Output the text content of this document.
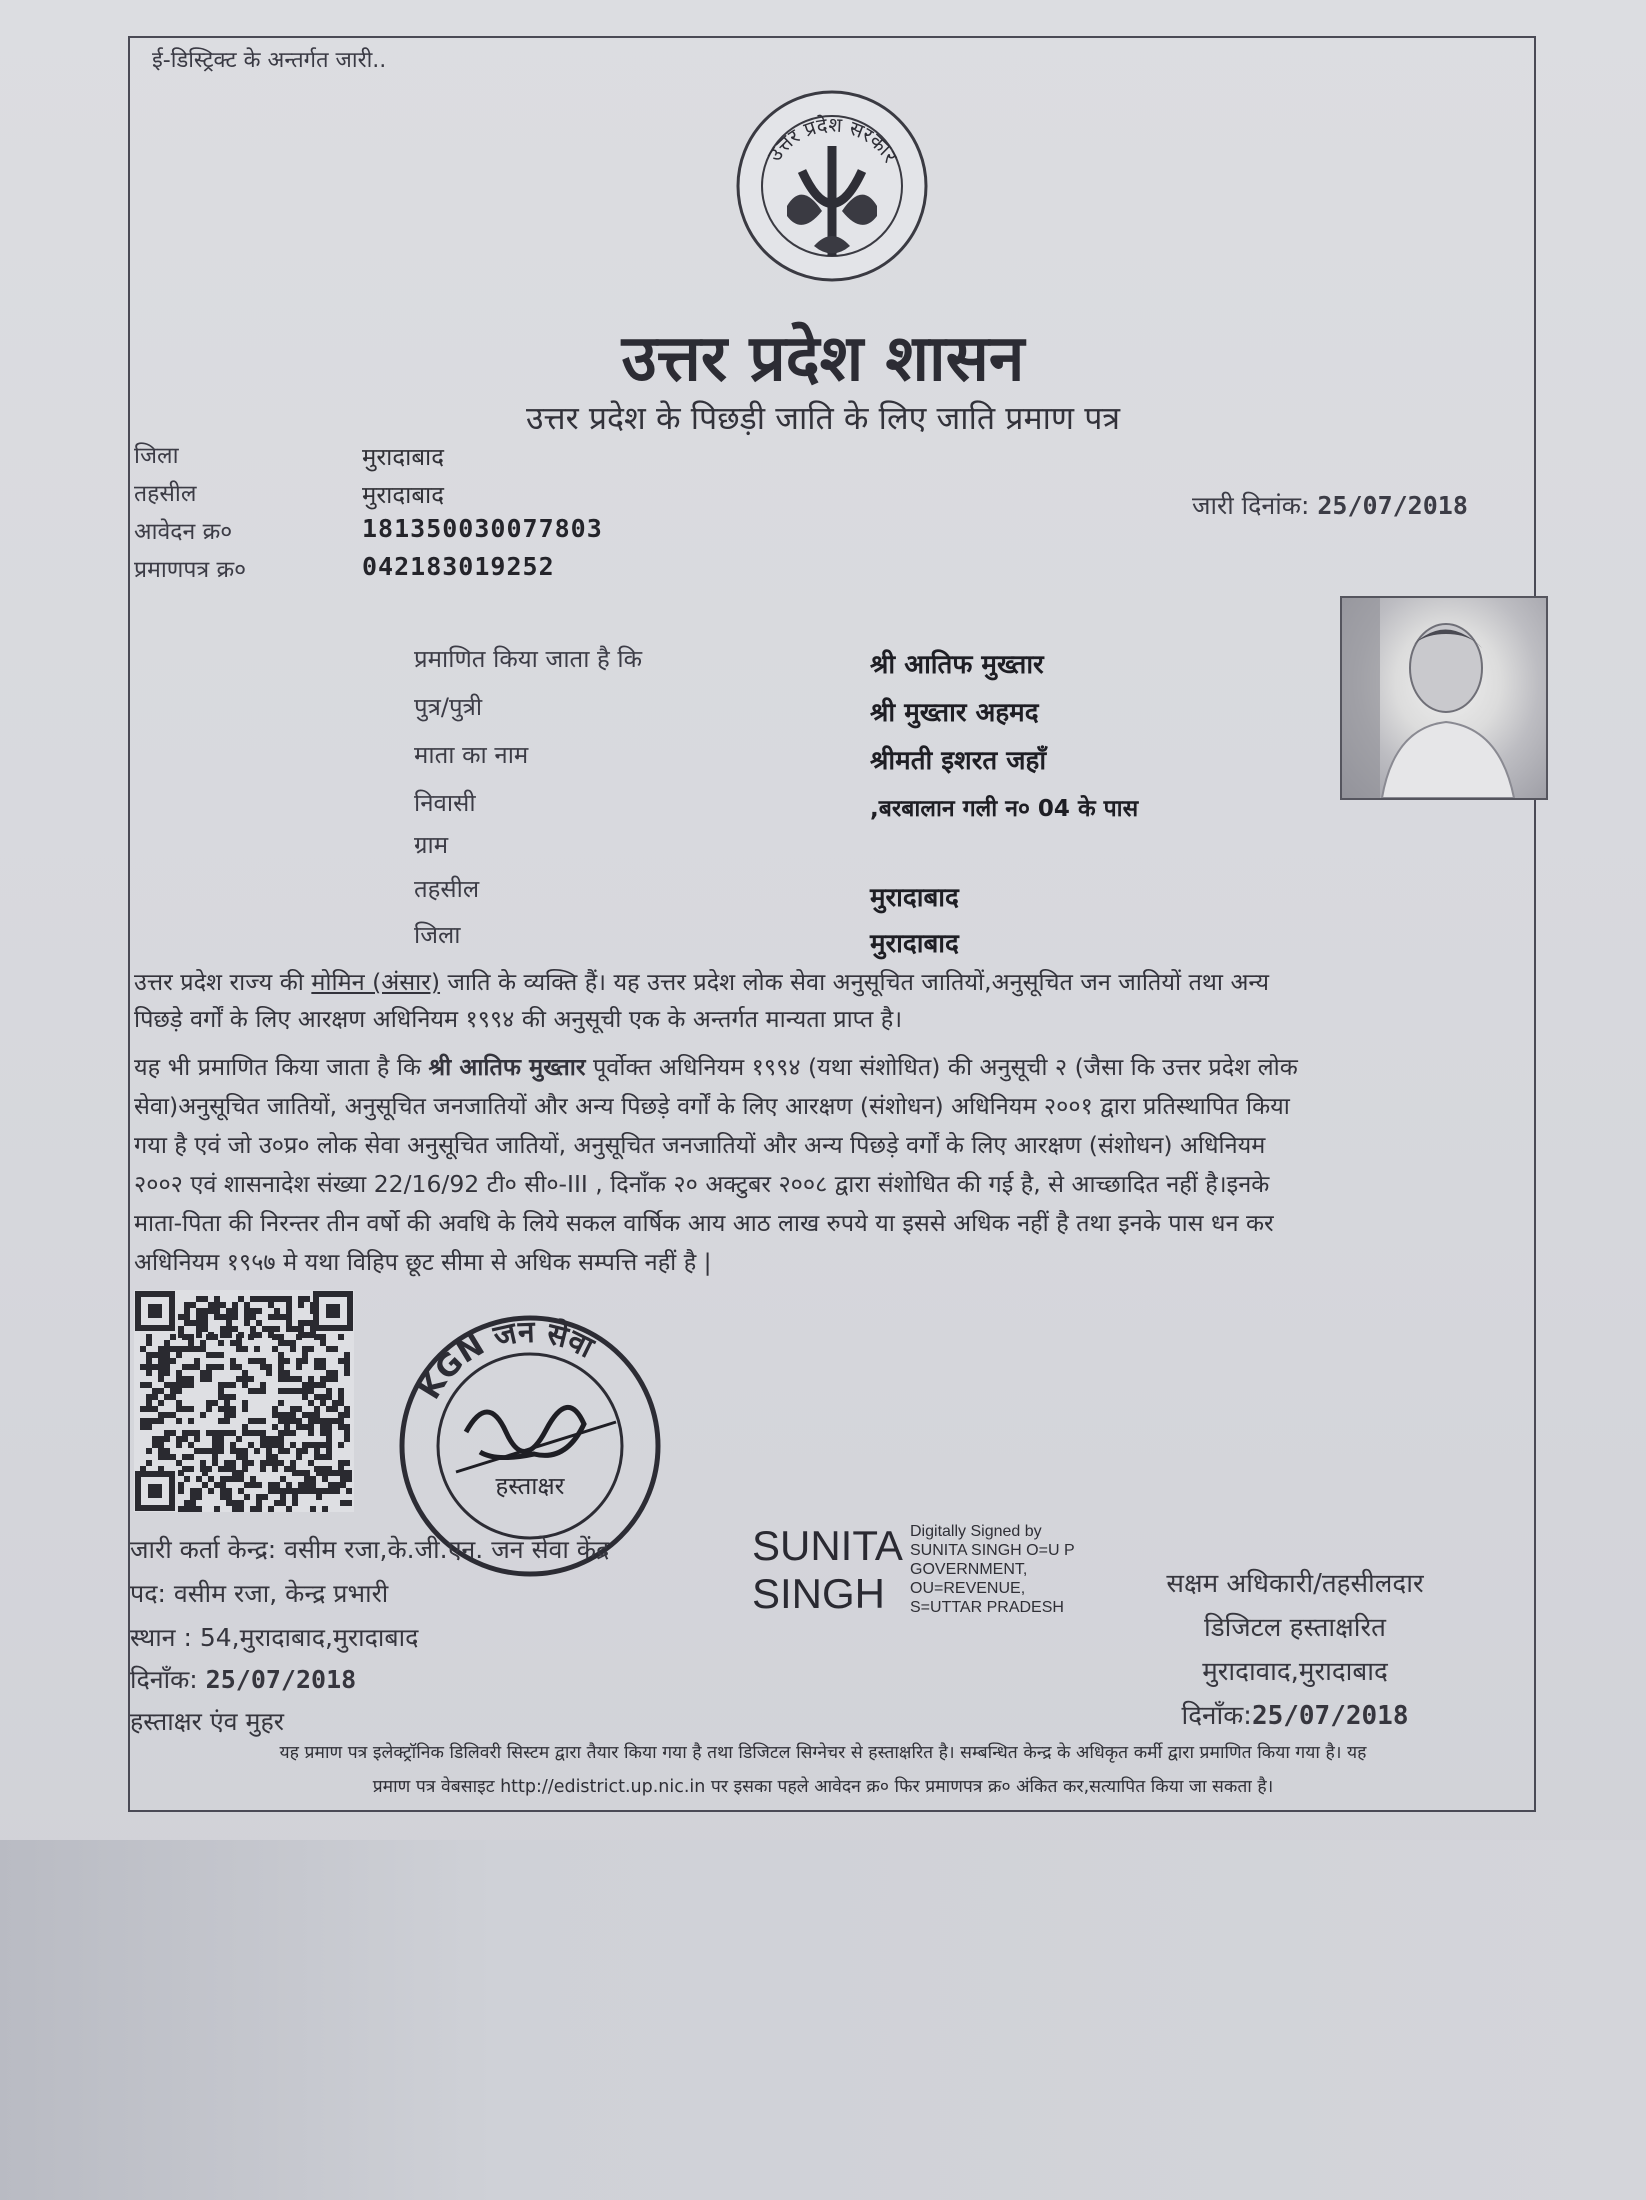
ई-डिस्ट्रिक्ट के अन्तर्गत जारी..
उत्तर प्रदेश सरकार
उत्तर प्रदेश शासन
उत्तर प्रदेश के पिछड़ी जाति के लिए जाति प्रमाण पत्र
जिला	मुरादाबाद
तहसील	मुरादाबाद
आवेदन क्र०	181350030077803
प्रमाणपत्र क्र०	042183019252
जारी दिनांक: 25/07/2018
प्रमाणित किया जाता है कि	श्री आतिफ मुख्तार
पुत्र/पुत्री	श्री मुख्तार अहमद
माता का नाम	श्रीमती इशरत जहाँ
निवासी	,बरबालान गली न० 04 के पास
ग्राम
तहसील	मुरादाबाद
जिला	मुरादाबाद
उत्तर प्रदेश राज्य की मोमिन (अंसार) जाति के व्यक्ति हैं। यह उत्तर प्रदेश लोक सेवा अनुसूचित जातियों,अनुसूचित जन जातियों तथा अन्य
पिछड़े वर्गों के लिए आरक्षण अधिनियम १९९४ की अनुसूची एक के अन्तर्गत मान्यता प्राप्त है।
यह भी प्रमाणित किया जाता है कि श्री आतिफ मुख्तार पूर्वोक्त अधिनियम १९९४ (यथा संशोधित) की अनुसूची २ (जैसा कि उत्तर प्रदेश लोक
सेवा)अनुसूचित जातियों, अनुसूचित जनजातियों और अन्य पिछड़े वर्गों के लिए आरक्षण (संशोधन) अधिनियम २००१ द्वारा प्रतिस्थापित किया
गया है एवं जो उ०प्र० लोक सेवा अनुसूचित जातियों, अनुसूचित जनजातियों और अन्य पिछड़े वर्गों के लिए आरक्षण (संशोधन) अधिनियम
२००२ एवं शासनादेश संख्या 22/16/92 टी० सी०-III , दिनाँक २० अक्टुबर २००८ द्वारा संशोधित की गई है, से आच्छादित नहीं है।इनके
माता-पिता की निरन्तर तीन वर्षो की अवधि के लिये सकल वार्षिक आय आठ लाख रुपये या इससे अधिक नहीं है तथा इनके पास धन कर
अधिनियम १९५७ मे यथा विहिप छूट सीमा से अधिक सम्पत्ति नहीं है |
KGN जन सेवा
हस्ताक्षर
जारी कर्ता केन्द्र: वसीम रजा,के.जी.एन. जन सेवा केंद्र
पद: वसीम रजा, केन्द्र प्रभारी
स्थान : 54,मुरादाबाद,मुरादाबाद
दिनाँक: 25/07/2018
हस्ताक्षर एंव मुहर
SUNITA
SINGH
Digitally Signed by
SUNITA SINGH O=U P
GOVERNMENT,
OU=REVENUE,
S=UTTAR PRADESH
सक्षम अधिकारी/तहसीलदार
डिजिटल हस्ताक्षरित
मुरादावाद,मुरादाबाद
दिनाँक:25/07/2018
यह प्रमाण पत्र इलेक्ट्रॉनिक डिलिवरी सिस्टम द्वारा तैयार किया गया है तथा डिजिटल सिग्नेचर से हस्ताक्षरित है। सम्बन्धित केन्द्र के अधिकृत कर्मी द्वारा प्रमाणित किया गया है। यह
प्रमाण पत्र वेबसाइट http://edistrict.up.nic.in पर इसका पहले आवेदन क्र० फिर प्रमाणपत्र क्र० अंकित कर,सत्यापित किया जा सकता है।
